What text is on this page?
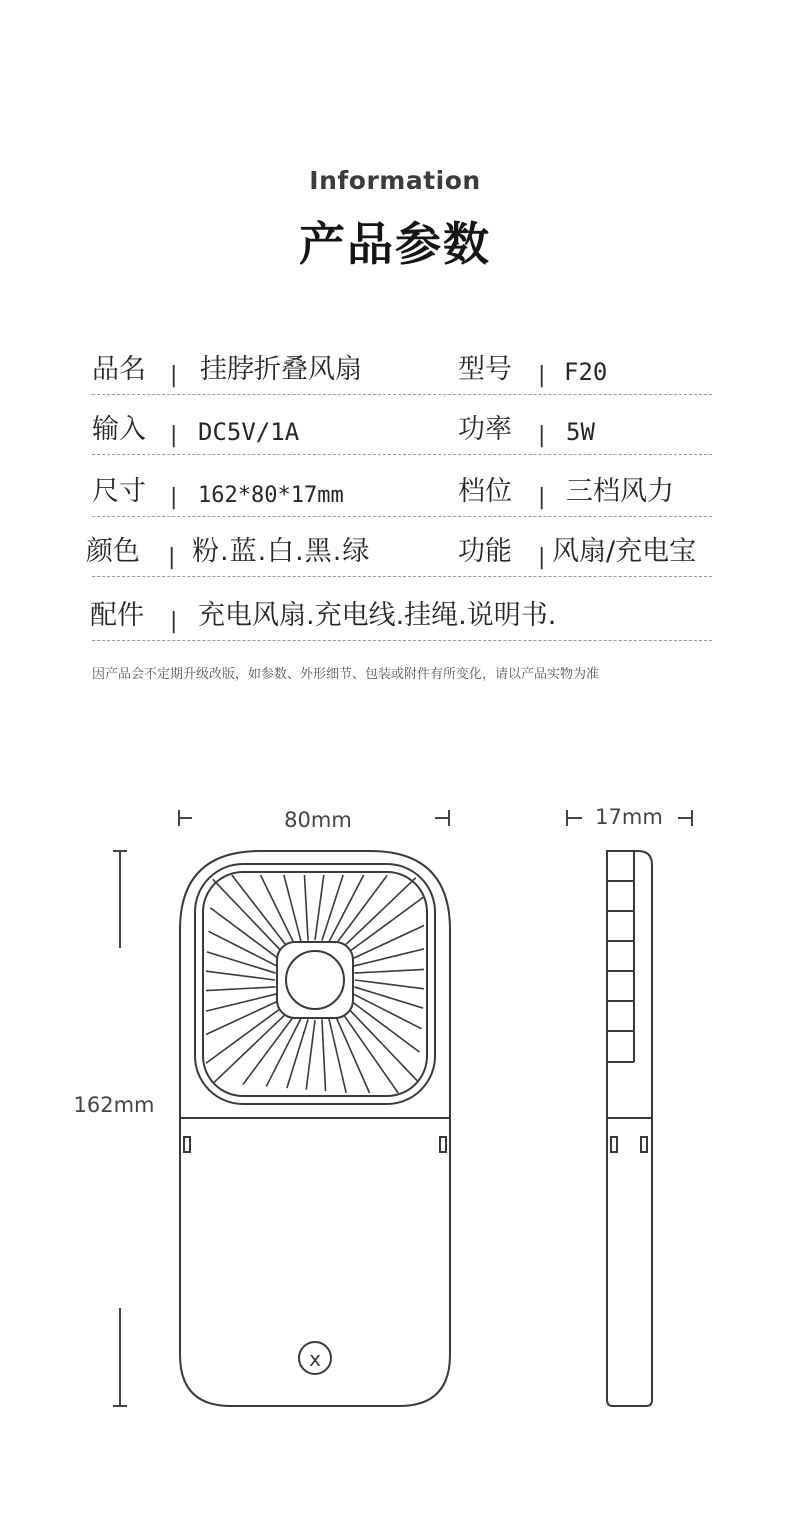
Information
产品参数
品名 | 挂脖折叠风扇	型号 | F20
输入 | DC5V/1A	功率 | 5W
尺寸 | 162*80*17mm	档位 | 三档风力
颜色 | 粉.蓝.白.黑.绿	功能 | 风扇/充电宝
配件 | 充电风扇.充电线.挂绳.说明书.
因产品会不定期升级改版，如参数、外形细节、包装或附件有所变化，请以产品实物为准
80mm	17mm
162mm
x
